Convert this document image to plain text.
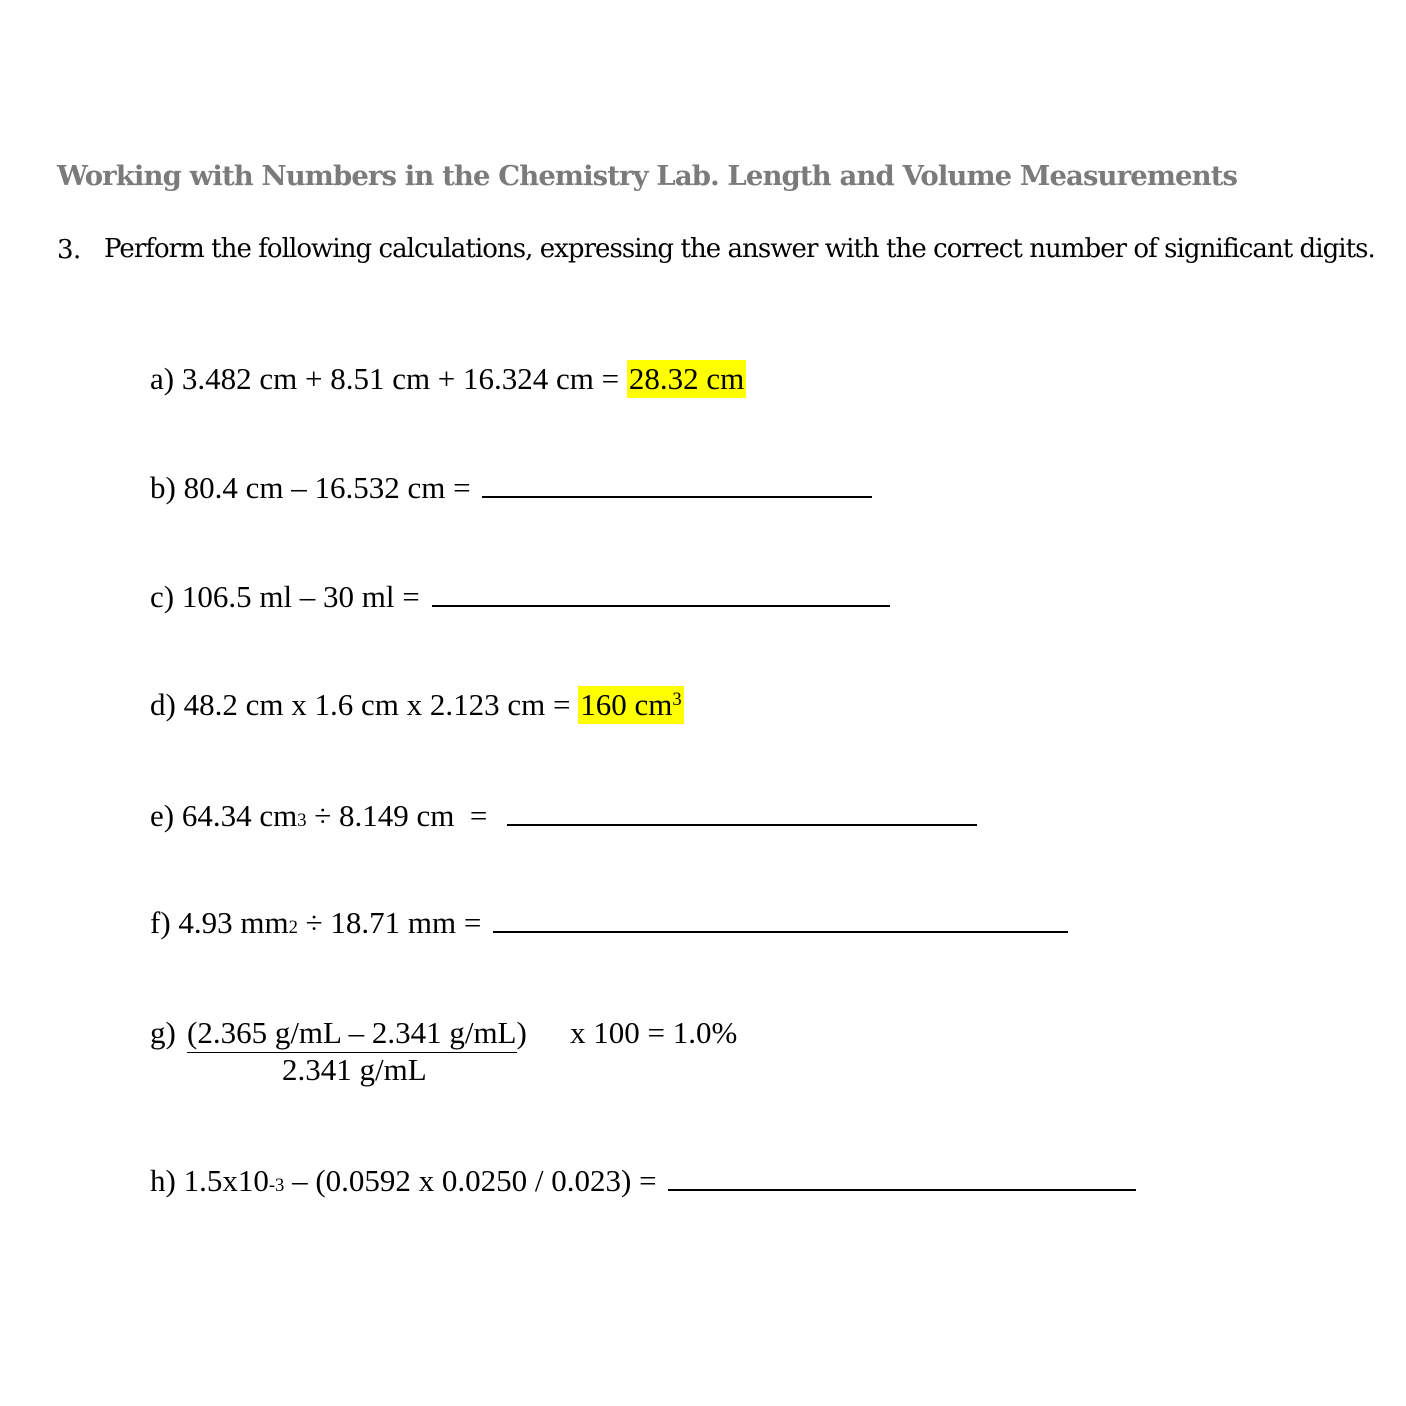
Working with Numbers in the Chemistry Lab. Length and Volume Measurements
3. Perform the following calculations, expressing the answer with the correct number of significant digits.
a) 3.482 cm + 8.51 cm + 16.324 cm = 28.32 cm
b) 80.4 cm – 16.532 cm =
c) 106.5 ml – 30 ml =
d) 48.2 cm x 1.6 cm x 2.123 cm = 160 $cm^3$
e) 64.34 cm 3 ÷ 8.149 cm  =
f) 4.93 mm 2 ÷ 18.71 mm =
g) (2.365 g/mL – 2.341 g/mL)
2.341 g/mL
x 100 = 1.0%
h) 1.5x10 -3 – (0.0592 x 0.0250 / 0.023) =
